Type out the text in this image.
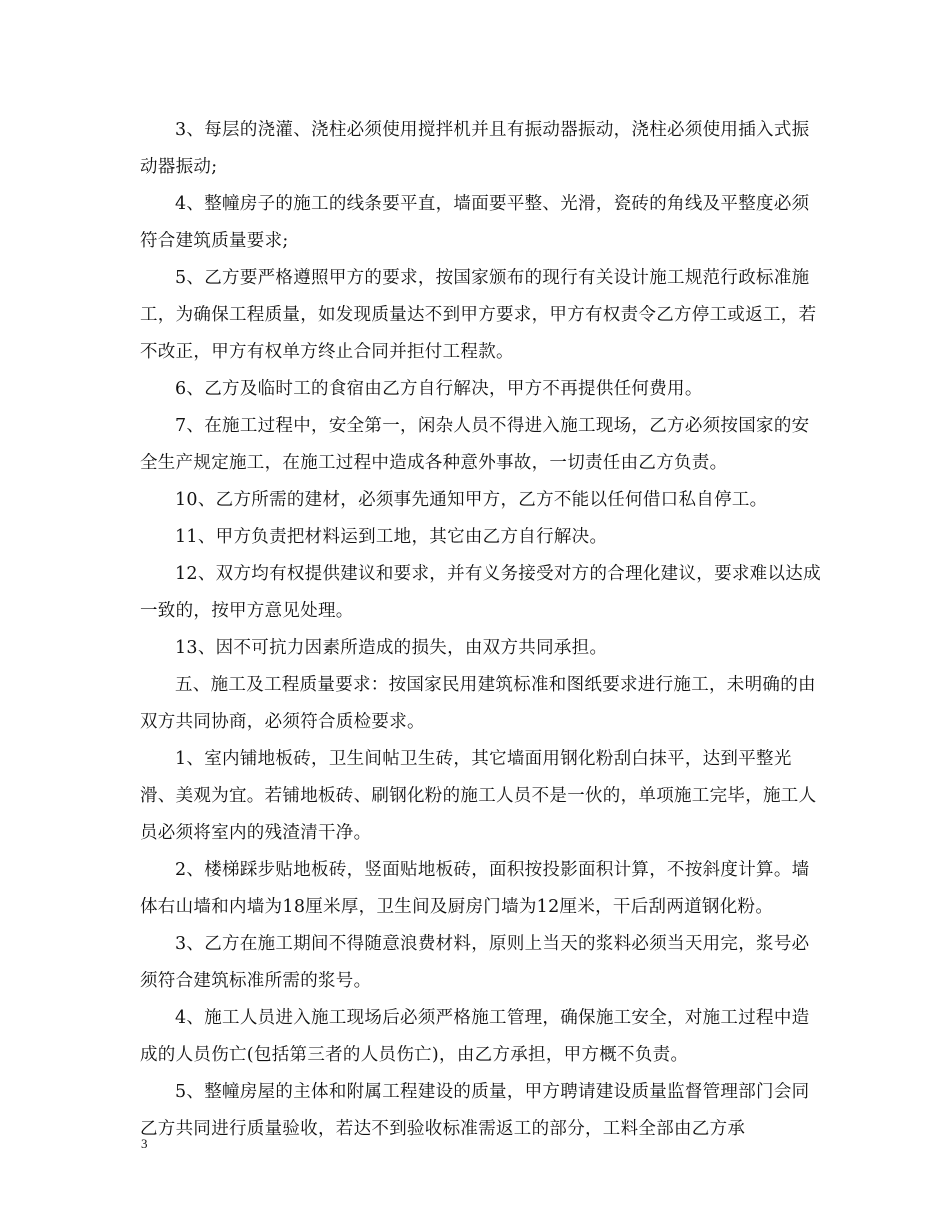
3、每层的浇灌、浇柱必须使用搅拌机并且有振动器振动，浇柱必须使用插入式振动器振动;

4、整幢房子的施工的线条要平直，墙面要平整、光滑，瓷砖的角线及平整度必须符合建筑质量要求;

5、乙方要严格遵照甲方的要求，按国家颁布的现行有关设计施工规范行政标准施工，为确保工程质量，如发现质量达不到甲方要求，甲方有权责令乙方停工或返工，若不改正，甲方有权单方终止合同并拒付工程款。

6、乙方及临时工的食宿由乙方自行解决，甲方不再提供任何费用。

7、在施工过程中，安全第一，闲杂人员不得进入施工现场，乙方必须按国家的安全生产规定施工，在施工过程中造成各种意外事故，一切责任由乙方负责。

10、乙方所需的建材，必须事先通知甲方，乙方不能以任何借口私自停工。

11、甲方负责把材料运到工地，其它由乙方自行解决。

12、双方均有权提供建议和要求，并有义务接受对方的合理化建议，要求难以达成一致的，按甲方意见处理。

13、因不可抗力因素所造成的损失，由双方共同承担。

五、施工及工程质量要求：按国家民用建筑标准和图纸要求进行施工，未明确的由双方共同协商，必须符合质检要求。

1、室内铺地板砖，卫生间帖卫生砖，其它墙面用钢化粉刮白抹平，达到平整光滑、美观为宜。若铺地板砖、刷钢化粉的施工人员不是一伙的，单项施工完毕，施工人员必须将室内的残渣清干净。

2、楼梯踩步贴地板砖，竖面贴地板砖，面积按投影面积计算，不按斜度计算。墙体右山墙和内墙为18厘米厚，卫生间及厨房门墙为12厘米，干后刮两道钢化粉。

3、乙方在施工期间不得随意浪费材料，原则上当天的浆料必须当天用完，浆号必须符合建筑标准所需的浆号。

4、施工人员进入施工现场后必须严格施工管理，确保施工安全，对施工过程中造成的人员伤亡(包括第三者的人员伤亡)，由乙方承担，甲方概不负责。

5、整幢房屋的主体和附属工程建设的质量，甲方聘请建设质量监督管理部门会同乙方共同进行质量验收，若达不到验收标准需返工的部分，工料全部由乙方承

3
